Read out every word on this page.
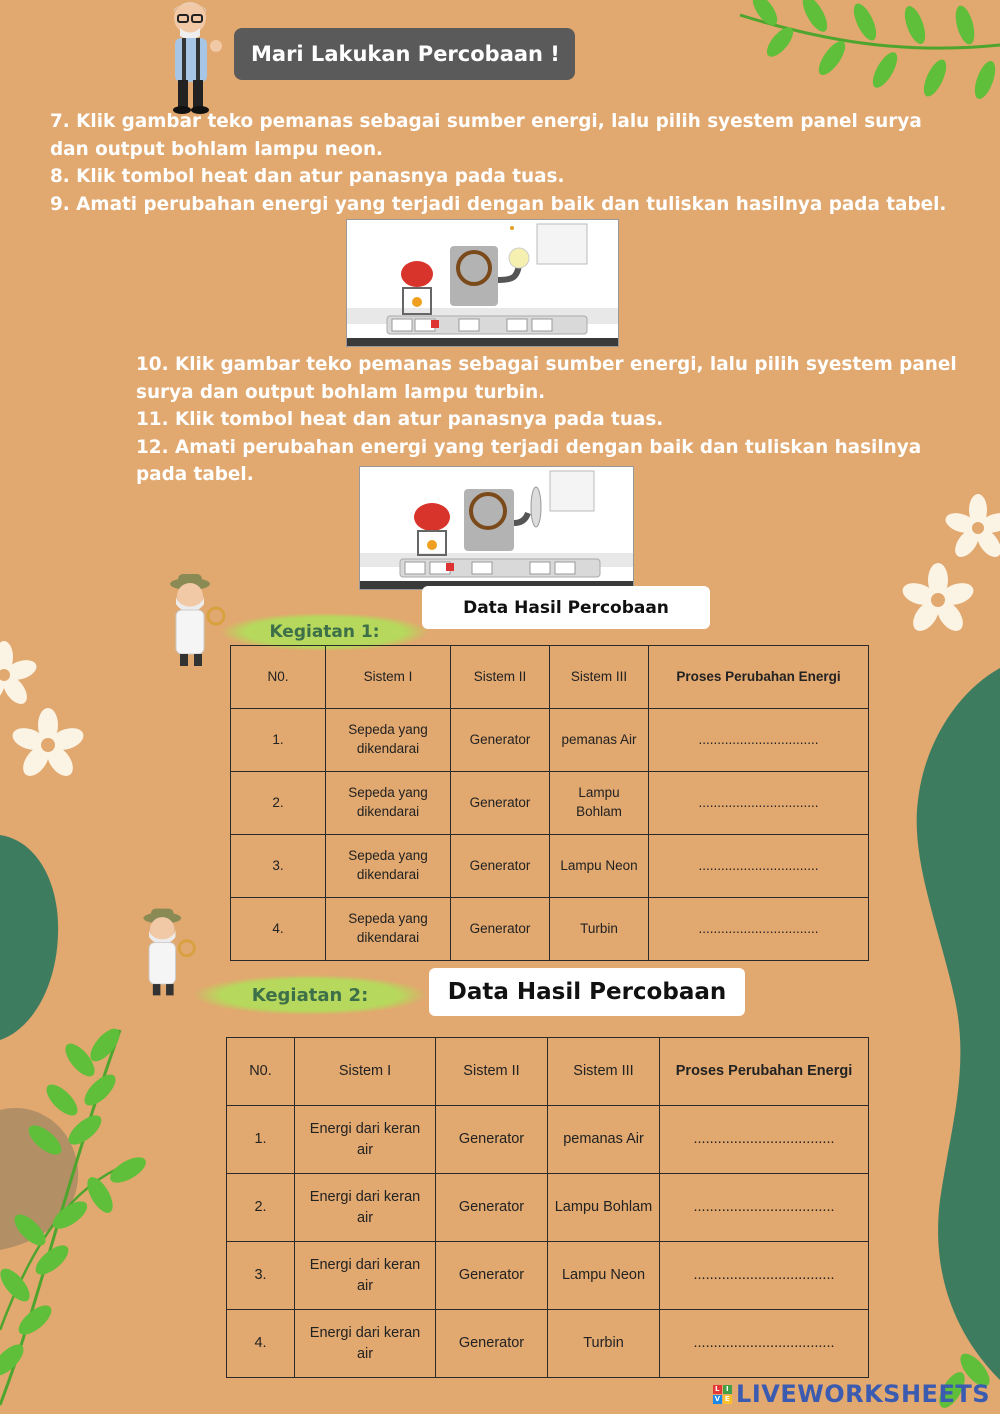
Mari Lakukan Percobaan !

7. Klik gambar teko pemanas sebagai sumber energi, lalu pilih syestem panel surya dan output bohlam lampu neon.

8. Klik tombol heat dan atur panasnya pada tuas.

9. Amati perubahan energi yang terjadi dengan baik dan tuliskan hasilnya pada tabel.

10. Klik gambar teko pemanas sebagai sumber energi, lalu pilih syestem panel surya dan output bohlam lampu turbin.

11. Klik tombol heat dan atur panasnya pada tuas.

12. Amati perubahan energi yang terjadi dengan baik dan tuliskan hasilnya pada tabel.

Data Hasil Percobaan
Kegiatan 1:
N0.	Sistem I	Sistem II	Sistem III	Proses Perubahan Energi
1.	Sepeda yang dikendarai	Generator	pemanas Air	................................
2.	Sepeda yang dikendarai	Generator	Lampu Bohlam	................................
3.	Sepeda yang dikendarai	Generator	Lampu Neon	................................
4.	Sepeda yang dikendarai	Generator	Turbin	................................
Kegiatan 2:	Data Hasil Percobaan
N0.	Sistem I	Sistem II	Sistem III	Proses Perubahan Energi
1.	Energi dari keran air	Generator	pemanas Air	...................................
2.	Energi dari keran air	Generator	Lampu Bohlam	...................................
3.	Energi dari keran air	Generator	Lampu Neon	...................................
4.	Energi dari keran air	Generator	Turbin	...................................
L I
V E LIVEWORKSHEETS
